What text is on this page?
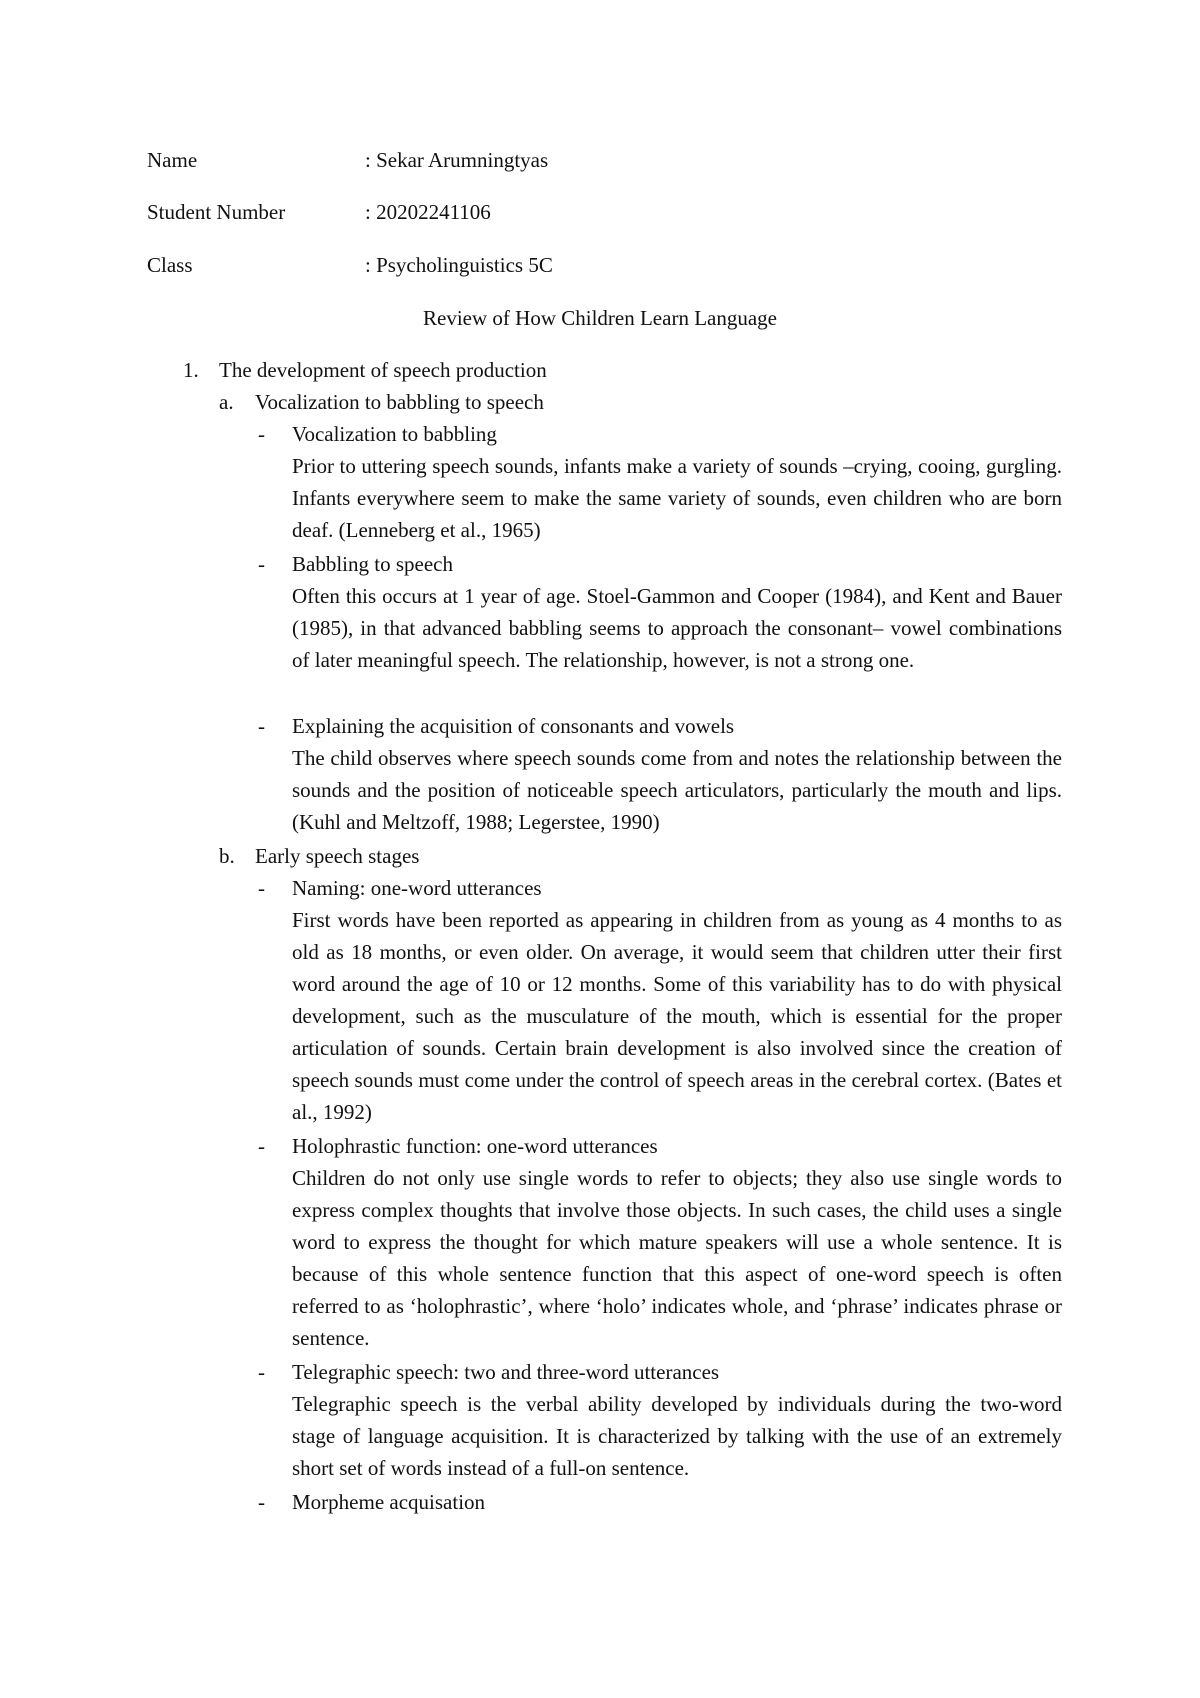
Name	: Sekar Arumningtyas
Student Number	: 20202241106
Class	: Psycholinguistics 5C
Review of How Children Learn Language
1. The development of speech production
a. Vocalization to babbling to speech
- Vocalization to babbling
Prior to uttering speech sounds, infants make a variety of sounds –crying, cooing, gurgling. Infants everywhere seem to make the same variety of sounds, even children who are born deaf. (Lenneberg et al., 1965)
- Babbling to speech
Often this occurs at 1 year of age. Stoel-Gammon and Cooper (1984), and Kent and Bauer (1985), in that advanced babbling seems to approach the consonant– vowel combinations of later meaningful speech. The relationship, however, is not a strong one.
- Explaining the acquisition of consonants and vowels
The child observes where speech sounds come from and notes the relationship between the sounds and the position of noticeable speech articulators, particularly the mouth and lips. (Kuhl and Meltzoff, 1988; Legerstee, 1990)
b. Early speech stages
- Naming: one-word utterances
First words have been reported as appearing in children from as young as 4 months to as old as 18 months, or even older. On average, it would seem that children utter their first word around the age of 10 or 12 months. Some of this variability has to do with physical development, such as the musculature of the mouth, which is essential for the proper articulation of sounds. Certain brain development is also involved since the creation of speech sounds must come under the control of speech areas in the cerebral cortex. (Bates et al., 1992)
- Holophrastic function: one-word utterances
Children do not only use single words to refer to objects; they also use single words to express complex thoughts that involve those objects. In such cases, the child uses a single word to express the thought for which mature speakers will use a whole sentence. It is because of this whole sentence function that this aspect of one-word speech is often referred to as ‘holophrastic’, where ‘holo’ indicates whole, and ‘phrase’ indicates phrase or sentence.
- Telegraphic speech: two and three-word utterances
Telegraphic speech is the verbal ability developed by individuals during the two-word stage of language acquisition. It is characterized by talking with the use of an extremely short set of words instead of a full-on sentence.
- Morpheme acquisation
